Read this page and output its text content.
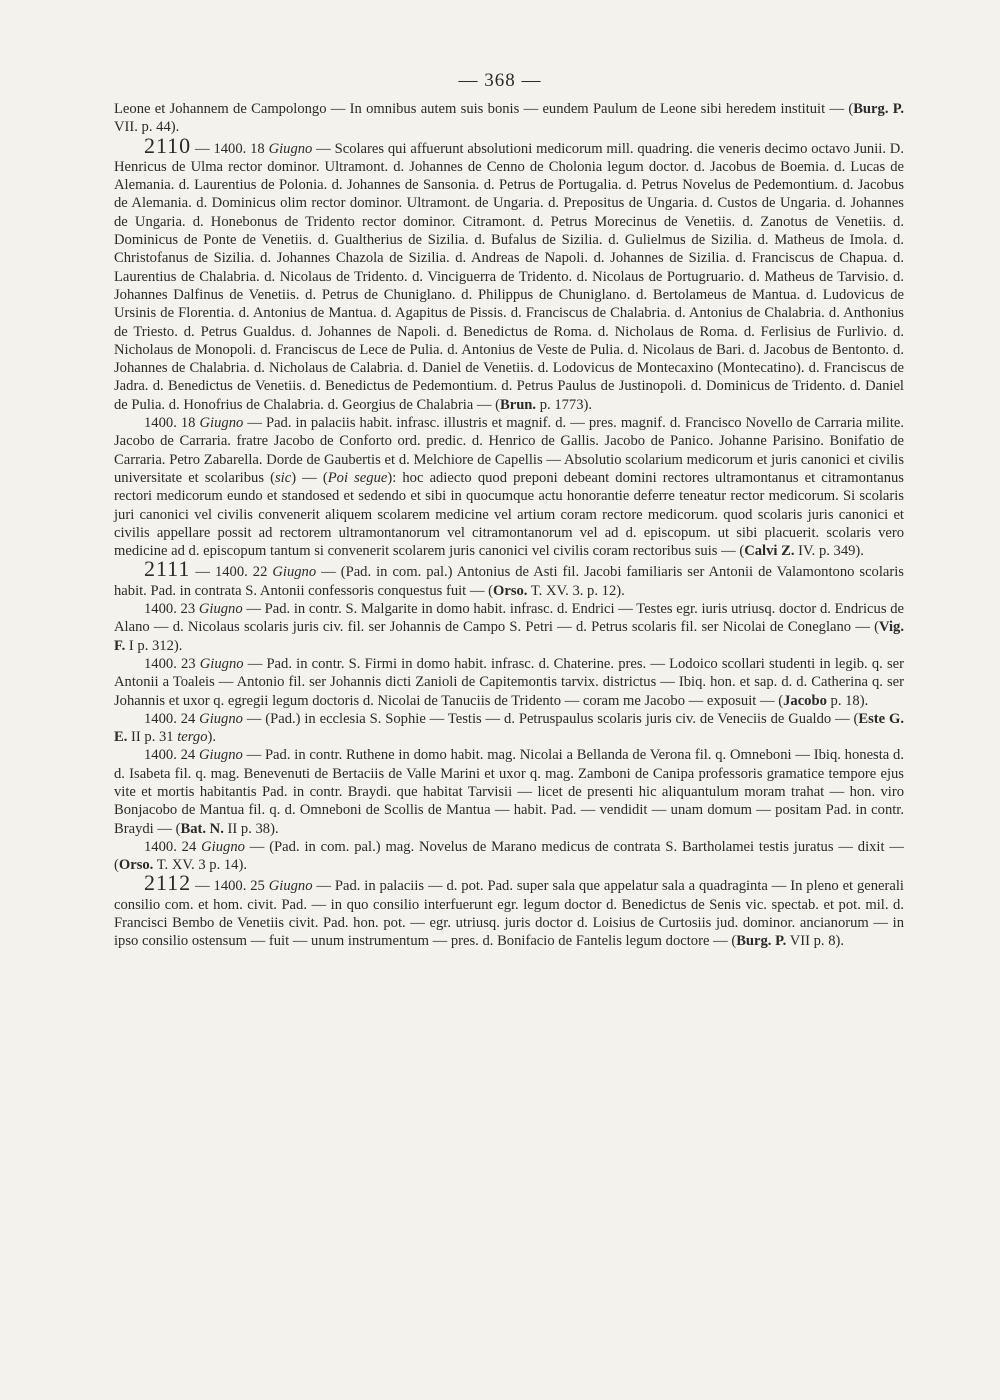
— 368 —

Leone et Johannem de Campolongo — In omnibus autem suis bonis — eundem Paulum de Leone sibi heredem instituit — (Burg. P. VII. p. 44).

2110 — 1400. 18 Giugno — Scolares qui affuerunt absolutioni medicorum mill. quadring. die veneris decimo octavo Junii. D. Henricus de Ulma rector dominor. Ultramont. d. Johannes de Cenno de Cholonia legum doctor. d. Jacobus de Boemia. d. Lucas de Alemania. d. Laurentius de Polonia. d. Johannes de Sansonia. d. Petrus de Portugalia. d. Petrus Novelus de Pedemontium. d. Jacobus de Alemania. d. Dominicus olim rector dominor. Ultramont. de Ungaria. d. Prepositus de Ungaria. d. Custos de Ungaria. d. Johannes de Ungaria. d. Honebonus de Tridento rector dominor. Citramont. d. Petrus Morecinus de Venetiis. d. Zanotus de Venetiis. d. Dominicus de Ponte de Venetiis. d. Gualtherius de Sizilia. d. Bufalus de Sizilia. d. Gulielmus de Sizilia. d. Matheus de Imola. d. Christofanus de Sizilia. d. Johannes Chazola de Sizilia. d. Andreas de Napoli. d. Johannes de Sizilia. d. Franciscus de Chapua. d. Laurentius de Chalabria. d. Nicolaus de Tridento. d. Vinciguerra de Tridento. d. Nicolaus de Portugruario. d. Matheus de Tarvisio. d. Johannes Dalfinus de Venetiis. d. Petrus de Chuniglano. d. Philippus de Chuniglano. d. Bertolameus de Mantua. d. Ludovicus de Ursinis de Florentia. d. Antonius de Mantua. d. Agapitus de Pissis. d. Franciscus de Chalabria. d. Antonius de Chalabria. d. Anthonius de Triesto. d. Petrus Gualdus. d. Johannes de Napoli. d. Benedictus de Roma. d. Nicholaus de Roma. d. Ferlisius de Furlivio. d. Nicholaus de Monopoli. d. Franciscus de Lece de Pulia. d. Antonius de Veste de Pulia. d. Nicolaus de Bari. d. Jacobus de Bentonto. d. Johannes de Chalabria. d. Nicholaus de Calabria. d. Daniel de Venetiis. d. Lodovicus de Montecaxino (Montecatino). d. Franciscus de Jadra. d. Benedictus de Venetiis. d. Benedictus de Pedemontium. d. Petrus Paulus de Justinopoli. d. Dominicus de Tridento. d. Daniel de Pulia. d. Honofrius de Chalabria. d. Georgius de Chalabria — (Brun. p. 1773).

1400. 18 Giugno — Pad. in palaciis habit. infrasc. illustris et magnif. d. — pres. magnif. d. Francisco Novello de Carraria milite. Jacobo de Carraria. fratre Jacobo de Conforto ord. predic. d. Henrico de Gallis. Jacobo de Panico. Johanne Parisino. Bonifatio de Carraria. Petro Zabarella. Dorde de Gaubertis et d. Melchiore de Capellis — Absolutio scolarium medicorum et juris canonici et civilis universitate et scolaribus (sic) — (Poi segue): hoc adiecto quod preponi debeant domini rectores ultramontanus et citramontanus rectori medicorum eundo et standosed et sedendo et sibi in quocumque actu honorantie deferre teneatur rector medicorum. Si scolaris juri canonici vel civilis convenerit aliquem scolarem medicine vel artium coram rectore medicorum. quod scolaris juris canonici et civilis appellare possit ad rectorem ultramontanorum vel citramontanorum vel ad d. episcopum. ut sibi placuerit. scolaris vero medicine ad d. episcopum tantum si convenerit scolarem juris canonici vel civilis coram rectoribus suis — (Calvi Z. IV. p. 349).

2111 — 1400. 22 Giugno — (Pad. in com. pal.) Antonius de Asti fil. Jacobi familiaris ser Antonii de Valamontono scolaris habit. Pad. in contrata S. Antonii confessoris conquestus fuit — (Orso. T. XV. 3. p. 12).

1400. 23 Giugno — Pad. in contr. S. Malgarite in domo habit. infrasc. d. Endrici — Testes egr. iuris utriusq. doctor d. Endricus de Alano — d. Nicolaus scolaris juris civ. fil. ser Johannis de Campo S. Petri — d. Petrus scolaris fil. ser Nicolai de Coneglano — (Vig. F. I p. 312).

1400. 23 Giugno — Pad. in contr. S. Firmi in domo habit. infrasc. d. Chaterine. pres. — Lodoico scollari studenti in legib. q. ser Antonii a Toaleis — Antonio fil. ser Johannis dicti Zanioli de Capitemontis tarvix. districtus — Ibiq. hon. et sap. d. d. Catherina q. ser Johannis et uxor q. egregii legum doctoris d. Nicolai de Tanuciis de Tridento — coram me Jacobo — exposuit — (Jacobo p. 18).

1400. 24 Giugno — (Pad.) in ecclesia S. Sophie — Testis — d. Petruspaulus scolaris juris civ. de Veneciis de Gualdo — (Este G. E. II p. 31 tergo).

1400. 24 Giugno — Pad. in contr. Ruthene in domo habit. mag. Nicolai a Bellanda de Verona fil. q. Omneboni — Ibiq. honesta d. d. Isabeta fil. q. mag. Benevenuti de Bertaciis de Valle Marini et uxor q. mag. Zamboni de Canipa professoris gramatice tempore ejus vite et mortis habitantis Pad. in contr. Braydi. que habitat Tarvisii — licet de presenti hic aliquantulum moram trahat — hon. viro Bonjacobo de Mantua fil. q. d. Omneboni de Scollis de Mantua — habit. Pad. — vendidit — unam domum — positam Pad. in contr. Braydi — (Bat. N. II p. 38).

1400. 24 Giugno — (Pad. in com. pal.) mag. Novelus de Marano medicus de contrata S. Bartholamei testis juratus — dixit — (Orso. T. XV. 3 p. 14).

2112 — 1400. 25 Giugno — Pad. in palaciis — d. pot. Pad. super sala que appelatur sala a quadraginta — In pleno et generali consilio com. et hom. civit. Pad. — in quo consilio interfuerunt egr. legum doctor d. Benedictus de Senis vic. spectab. et pot. mil. d. Francisci Bembo de Venetiis civit. Pad. hon. pot. — egr. utriusq. juris doctor d. Loisius de Curtosiis jud. dominor. ancianorum — in ipso consilio ostensum — fuit — unum instrumentum — pres. d. Bonifacio de Fantelis legum doctore — (Burg. P. VII p. 8).
